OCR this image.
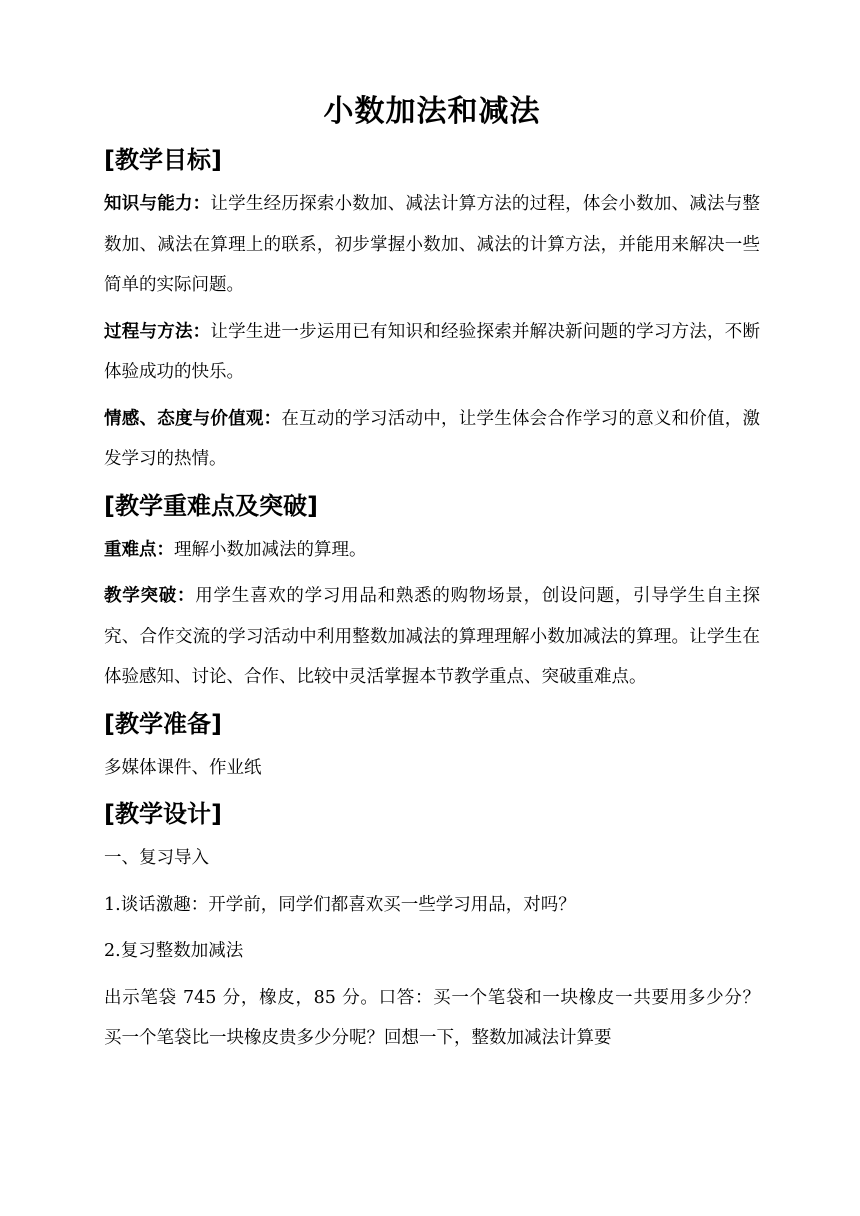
小数加法和减法
[教学目标]

知识与能力：让学生经历探索小数加、减法计算方法的过程，体会小数加、减法与整数加、减法在算理上的联系，初步掌握小数加、减法的计算方法，并能用来解决一些简单的实际问题。

过程与方法：让学生进一步运用已有知识和经验探索并解决新问题的学习方法，不断体验成功的快乐。

情感、态度与价值观：在互动的学习活动中，让学生体会合作学习的意义和价值，激发学习的热情。

[教学重难点及突破]

重难点：理解小数加减法的算理。

教学突破：用学生喜欢的学习用品和熟悉的购物场景，创设问题，引导学生自主探究、合作交流的学习活动中利用整数加减法的算理理解小数加减法的算理。让学生在体验感知、讨论、合作、比较中灵活掌握本节教学重点、突破重难点。

[教学准备]

多媒体课件、作业纸

[教学设计]

一、复习导入

1.谈话激趣：开学前，同学们都喜欢买一些学习用品，对吗？

2.复习整数加减法

出示笔袋 745 分，橡皮，85 分。口答：买一个笔袋和一块橡皮一共要用多少分？　买一个笔袋比一块橡皮贵多少分呢？回想一下，整数加减法计算要
